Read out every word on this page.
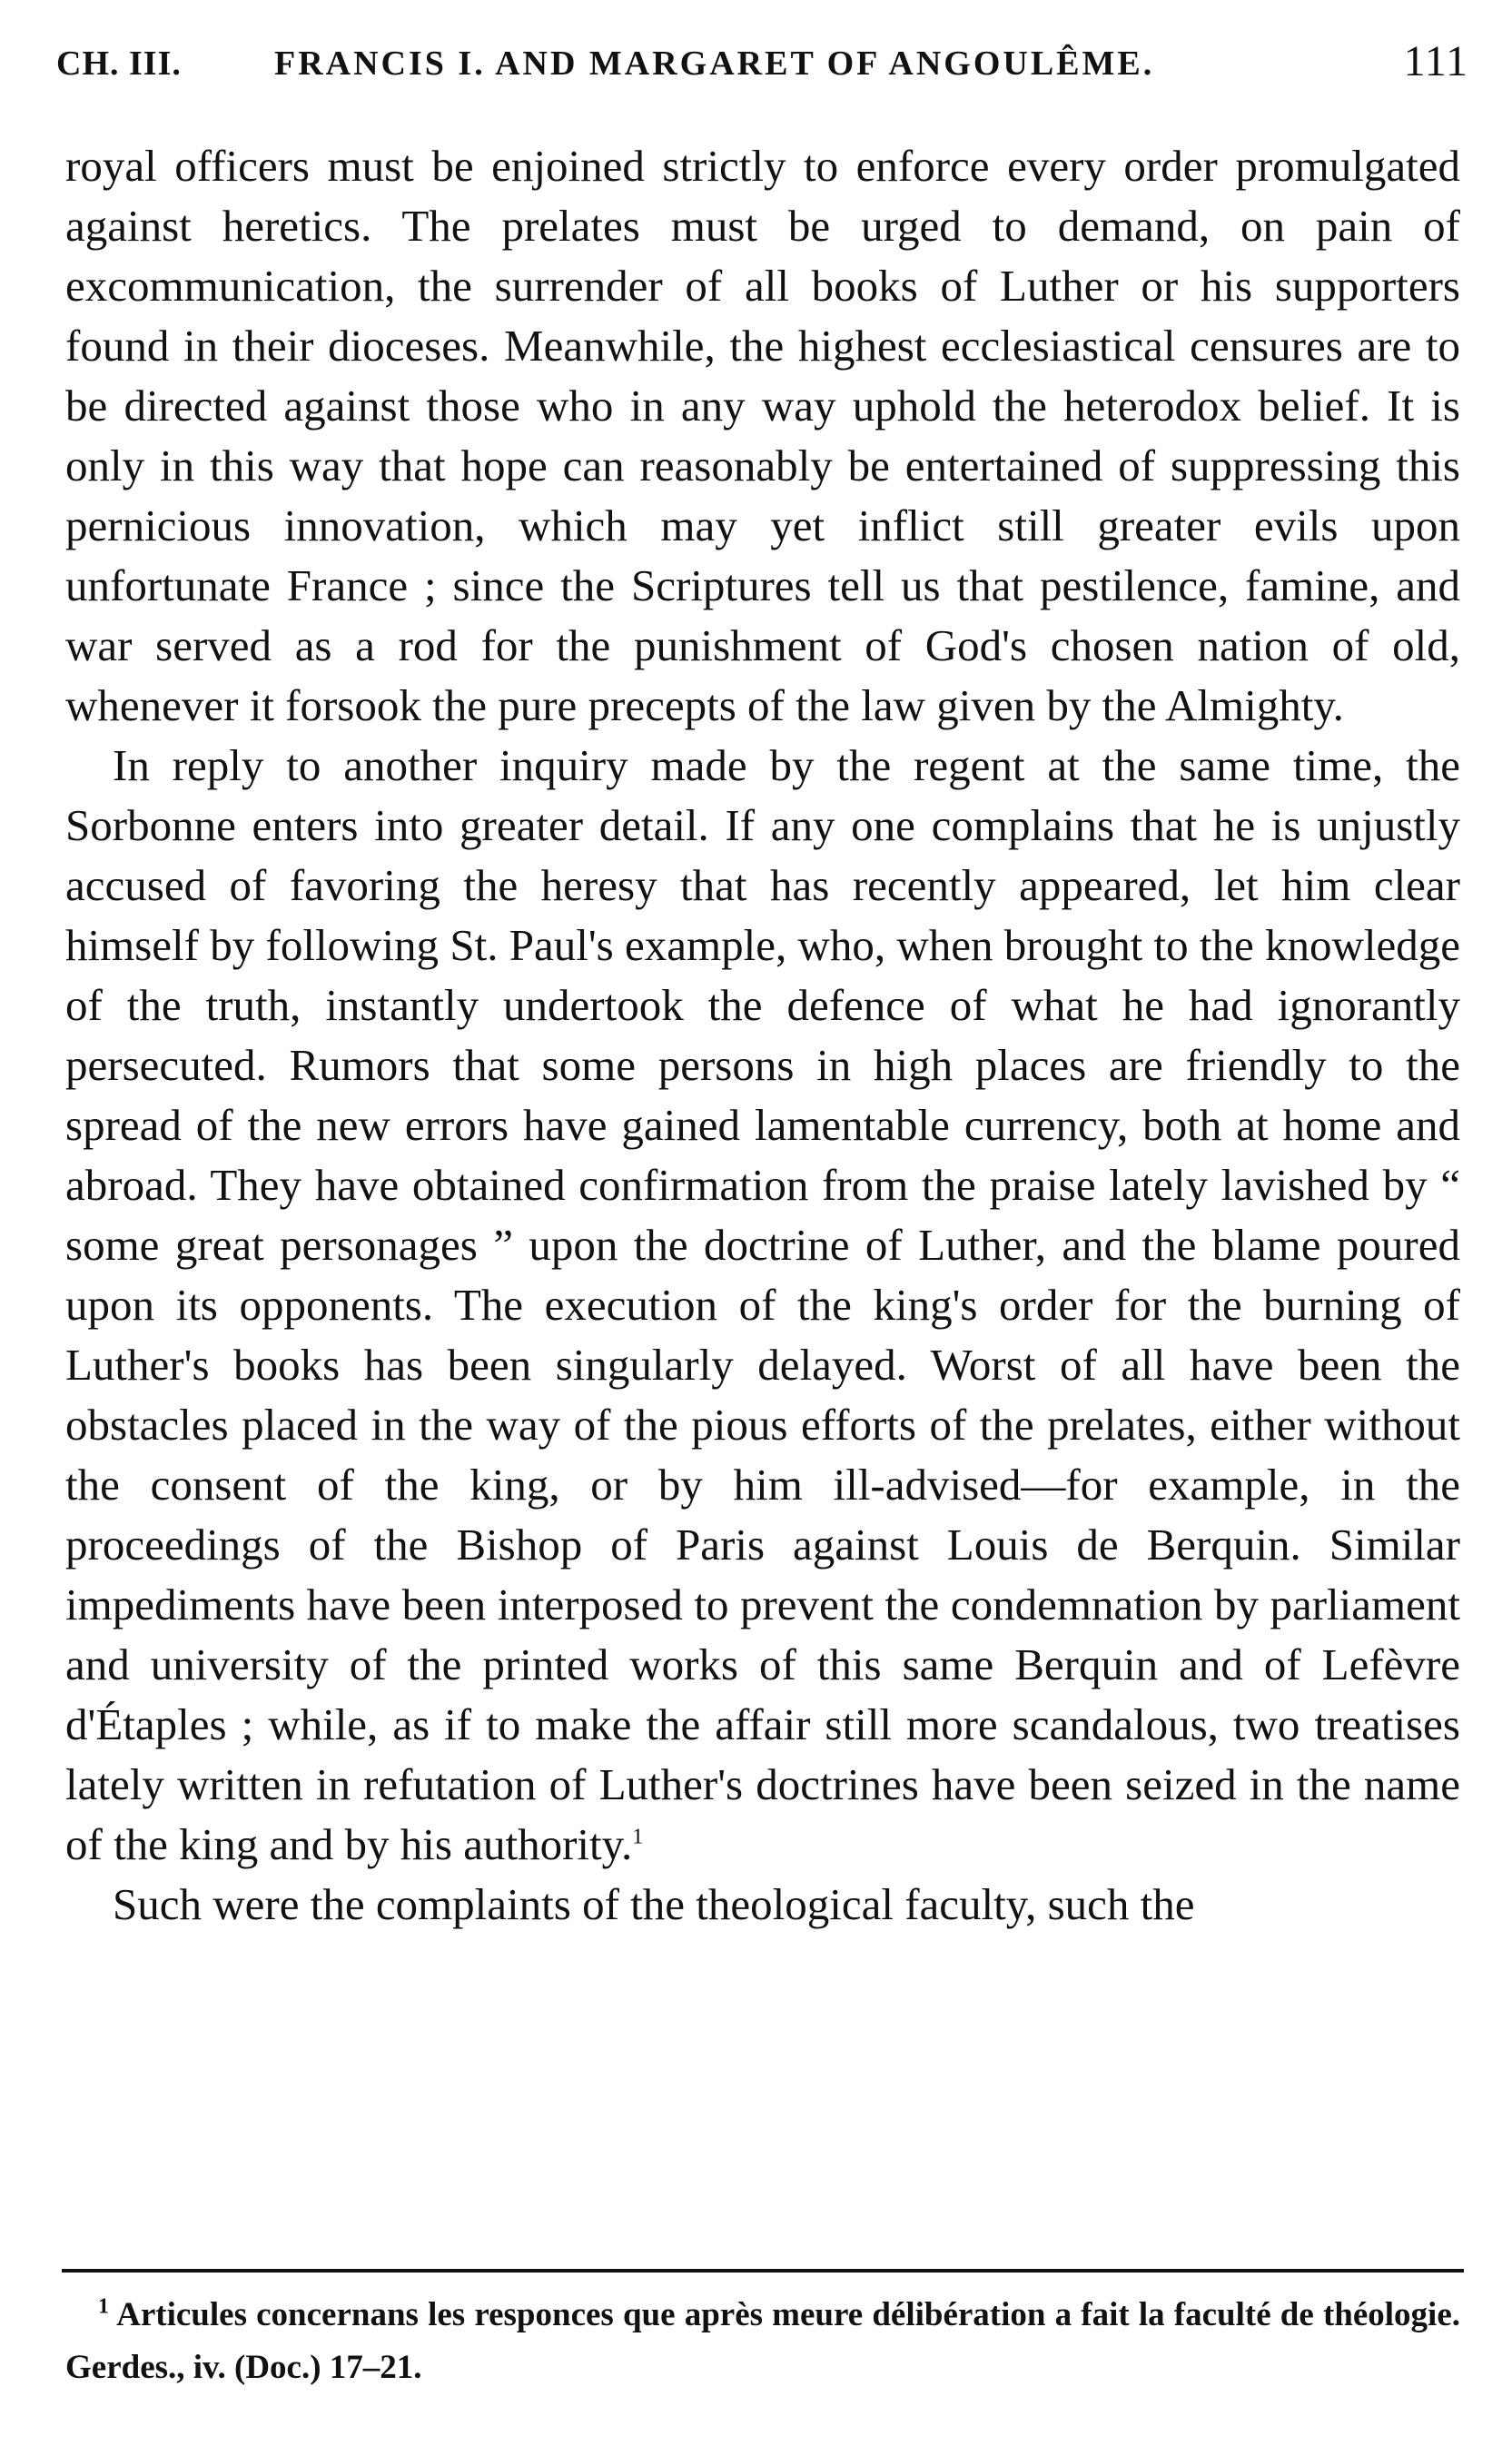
CH. III.	FRANCIS I. AND MARGARET OF ANGOULÊME.	111

royal officers must be enjoined strictly to enforce every order promulgated against heretics. The prelates must be urged to demand, on pain of excommunication, the surrender of all books of Luther or his supporters found in their dioceses. Meanwhile, the highest ecclesiastical censures are to be directed against those who in any way uphold the heterodox belief. It is only in this way that hope can reasonably be entertained of suppressing this pernicious innovation, which may yet inflict still greater evils upon unfortunate France ; since the Scriptures tell us that pestilence, famine, and war served as a rod for the punishment of God's chosen nation of old, whenever it forsook the pure precepts of the law given by the Almighty.

In reply to another inquiry made by the regent at the same time, the Sorbonne enters into greater detail. If any one complains that he is unjustly accused of favoring the heresy that has recently appeared, let him clear himself by following St. Paul's example, who, when brought to the knowledge of the truth, instantly undertook the defence of what he had ignorantly persecuted. Rumors that some persons in high places are friendly to the spread of the new errors have gained lamentable currency, both at home and abroad. They have obtained confirmation from the praise lately lavished by “ some great personages ” upon the doctrine of Luther, and the blame poured upon its opponents. The execution of the king's order for the burning of Luther's books has been singularly delayed. Worst of all have been the obstacles placed in the way of the pious efforts of the prelates, either without the consent of the king, or by him ill-advised—for example, in the proceedings of the Bishop of Paris against Louis de Berquin. Similar impediments have been interposed to prevent the condemnation by parliament and university of the printed works of this same Berquin and of Lefèvre d'Étaples ; while, as if to make the affair still more scandalous, two treatises lately written in refutation of Luther's doctrines have been seized in the name of the king and by his authority.$^1$

Such were the complaints of the theological faculty, such the

$^1$ Articules concernans les responces que après meure délibération a fait la faculté de théologie. Gerdes., iv. (Doc.) 17–21.
